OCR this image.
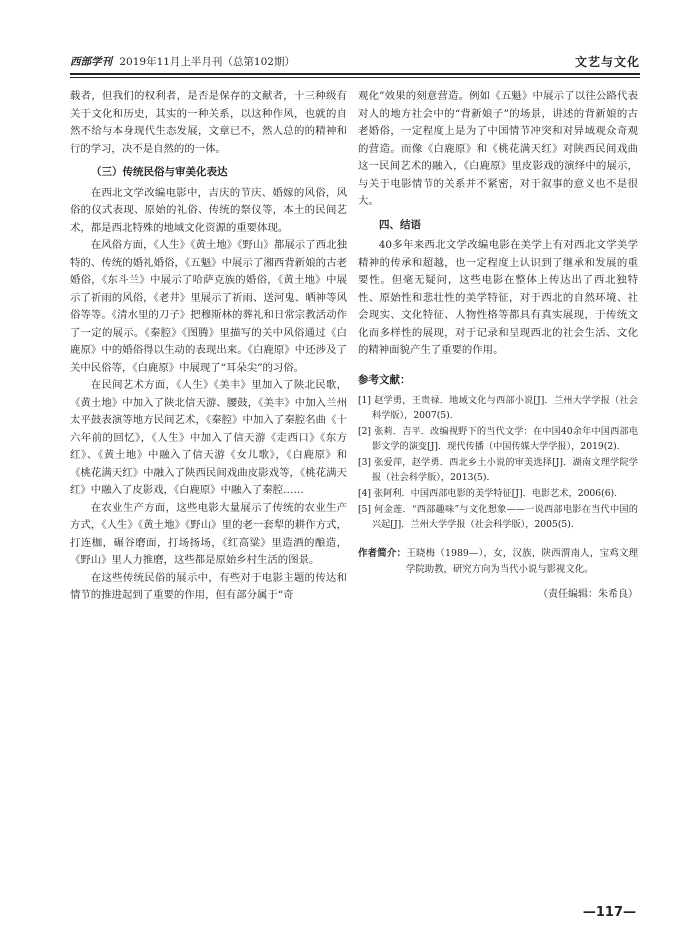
西部学刊 2019年11月上半月刊（总第102期）	文艺与文化

载者，但我们的权利者，是否是保存的文献者，十三种级有关于文化和历史，其实的一种关系，以这种作风，也就的自然不给与本身现代生态发展，文章已不，然人总的的精神和行的学习，决不是自然的的一体。

（三）传统民俗与审美化表达

在西北文学改编电影中，吉庆的节庆、婚嫁的风俗，风俗的仪式表现、原始的礼俗、传统的祭仪等，本土的民间艺术，都是西北特殊的地域文化资源的重要体现。

在风俗方面，《人生》《黄土地》《野山》都展示了西北独特的、传统的婚礼婚俗，《五魁》中展示了湘西背新娘的古老婚俗，《东斗兰》中展示了哈萨克族的婚俗，《黄土地》中展示了祈雨的风俗，《老井》里展示了祈雨、送河鬼、晒神等风俗等等。《清水里的刀子》把穆斯林的葬礼和日常宗教活动作了一定的展示。《秦腔》《图腾》里描写的关中风俗通过《白鹿原》中的婚俗得以生动的表现出来。《白鹿原》中还涉及了关中民俗等，《白鹿原》中展现了“耳朵尖”的习俗。

在民间艺术方面，《人生》《美丰》里加入了陕北民歌，《黄土地》中加入了陕北信天游、腰鼓，《美丰》中加入兰州太平鼓表演等地方民间艺术，《秦腔》中加入了秦腔名曲《十六年前的回忆》，《人生》中加入了信天游《走西口》《东方红》、《黄土地》中融入了信天游《女儿歌》，《白鹿原》和《桃花满天红》中融入了陕西民间戏曲皮影戏等，《桃花满天红》中融入了皮影戏，《白鹿原》中融入了秦腔……

在农业生产方面，这些电影大量展示了传统的农业生产方式，《人生》《黄土地》《野山》里的老一套犁的耕作方式，打连枷，碾谷磨面，打场扬场，《红高粱》里造酒的酿造，《野山》里人力推磨，这些都是原始乡村生活的图景。

在这些传统民俗的展示中，有些对于电影主题的传达和情节的推进起到了重要的作用，但有部分属于“奇

观化”效果的刻意营造。例如《五魁》中展示了以往公路代表对人的地方社会中的“背新娘子”的场景，讲述的背新娘的古老婚俗，一定程度上是为了中国情节冲突和对异域观众奇观的营造。而像《白鹿原》和《桃花满天红》对陕西民间戏曲这一民间艺术的融入，《白鹿原》里皮影戏的演绎中的展示，与关于电影情节的关系并不紧密，对于叙事的意义也不是很大。

四、结语

40多年来西北文学改编电影在美学上有对西北文学美学精神的传承和超越，也一定程度上认识到了继承和发展的重要性。但毫无疑问，这些电影在整体上传达出了西北独特性、原始性和悲壮性的美学特征，对于西北的自然环境、社会现实、文化特征、人物性格等都具有真实展现，于传统文化而多样性的展现，对于记录和呈现西北的社会生活、文化的精神面貌产生了重要的作用。

参考文献：
[1] 赵学勇，王贵禄．地域文化与西部小说[J]．兰州大学学报（社会科学版），2007(5).
[2] 张莉．吉平．改编视野下的当代文学：在中国40余年中国西部电影文学的演变[J]．现代传播（中国传媒大学学报），2019(2).
[3] 张爱萍，赵学勇．西北乡土小说的审美选择[J]．湖南文理学院学报（社会科学版），2013(5).
[4] 张阿利．中国西部电影的美学特征[J]．电影艺术，2006(6).
[5] 何金莲．“西部趣味”与文化想象——一说西部电影在当代中国的兴起[J]．兰州大学学报（社会科学版），2005(5).
作者简介：王晓梅（1989—），女，汉族，陕西渭南人，宝鸡文理学院助教，研究方向为当代小说与影视文化。
（责任编辑：朱希良）
—117—
